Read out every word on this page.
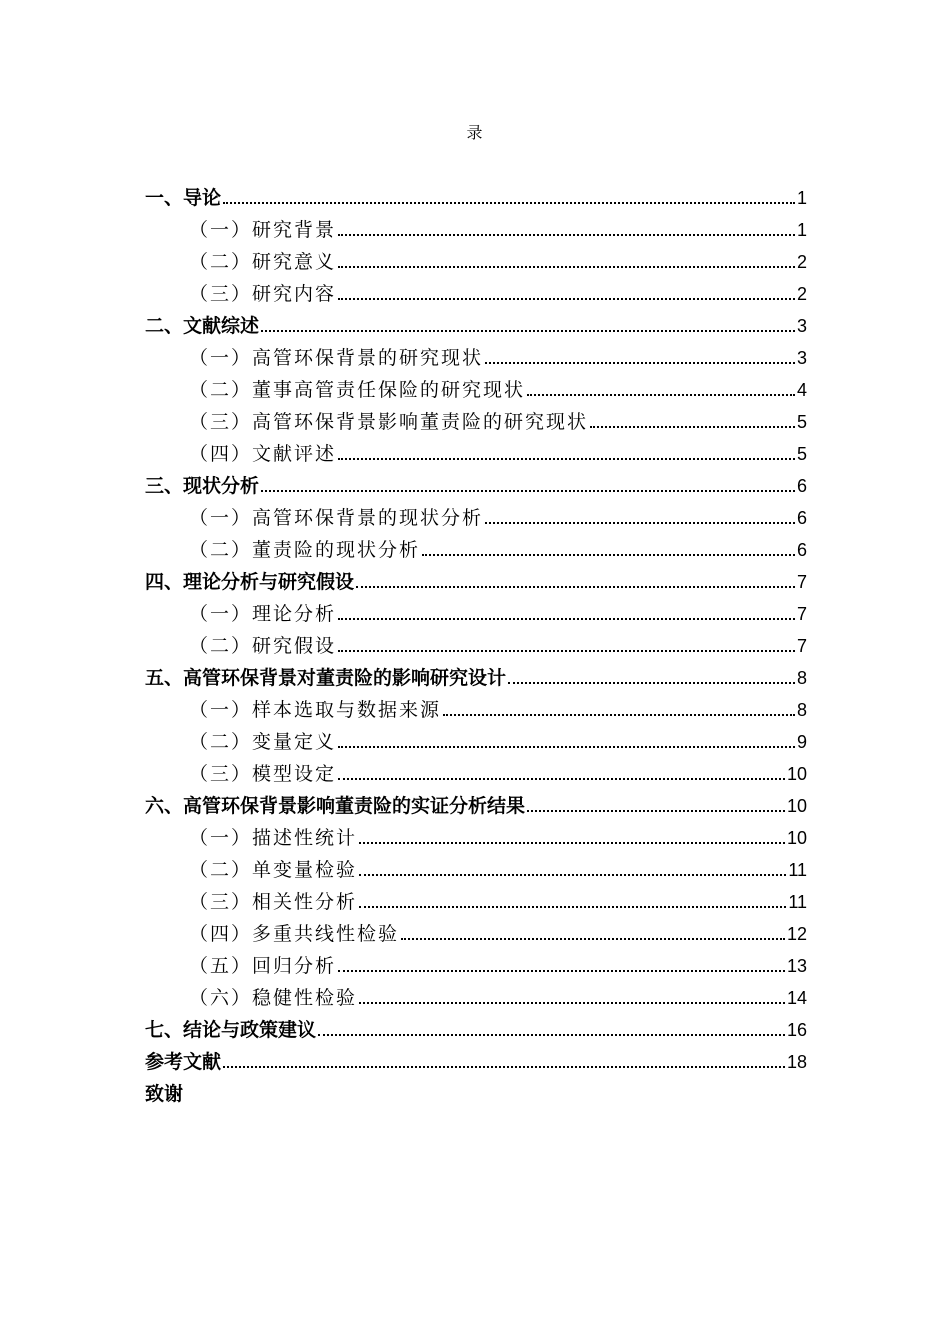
录
一、导论	1
（一）研究背景	1
（二）研究意义	2
（三）研究内容	2
二、文献综述	3
（一）高管环保背景的研究现状	3
（二）董事高管责任保险的研究现状	4
（三）高管环保背景影响董责险的研究现状	5
（四）文献评述	5
三、现状分析	6
（一）高管环保背景的现状分析	6
（二）董责险的现状分析	6
四、理论分析与研究假设	7
（一）理论分析	7
（二）研究假设	7
五、高管环保背景对董责险的影响研究设计	8
（一）样本选取与数据来源	8
（二）变量定义	9
（三）模型设定	10
六、高管环保背景影响董责险的实证分析结果	10
（一）描述性统计	10
（二）单变量检验	11
（三）相关性分析	11
（四）多重共线性检验	12
（五）回归分析	13
（六）稳健性检验	14
七、结论与政策建议	16
参考文献	18
致谢
